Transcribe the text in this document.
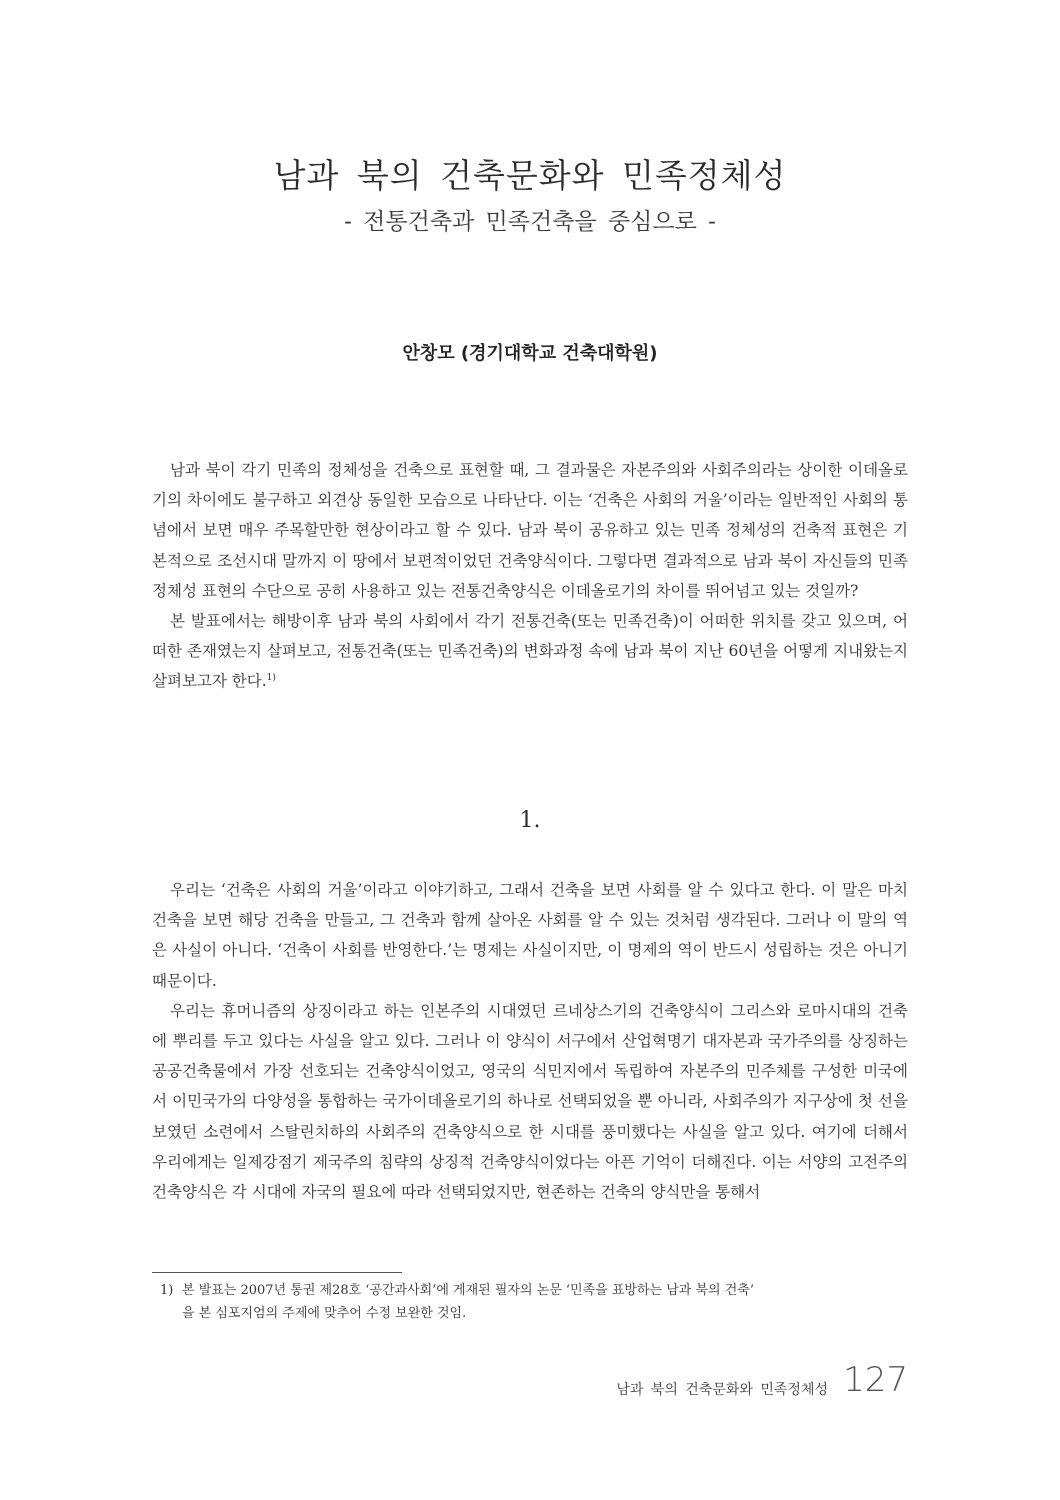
남과 북의 건축문화와 민족정체성
- 전통건축과 민족건축을 중심으로 -
안창모 (경기대학교 건축대학원)

남과 북이 각기 민족의 정체성을 건축으로 표현할 때, 그 결과물은 자본주의와 사회주의라는 상이한 이데올로기의 차이에도 불구하고 외견상 동일한 모습으로 나타난다. 이는 ‘건축은 사회의 거울’이라는 일반적인 사회의 통념에서 보면 매우 주목할만한 현상이라고 할 수 있다. 남과 북이 공유하고 있는 민족 정체성의 건축적 표현은 기본적으로 조선시대 말까지 이 땅에서 보편적이었던 건축양식이다. 그렇다면 결과적으로 남과 북이 자신들의 민족정체성 표현의 수단으로 공히 사용하고 있는 전통건축양식은 이데올로기의 차이를 뛰어넘고 있는 것일까?

본 발표에서는 해방이후 남과 북의 사회에서 각기 전통건축(또는 민족건축)이 어떠한 위치를 갖고 있으며, 어떠한 존재였는지 살펴보고, 전통건축(또는 민족건축)의 변화과정 속에 남과 북이 지난 60년을 어떻게 지내왔는지 살펴보고자 한다.$^{1)}$

1.

우리는 ‘건축은 사회의 거울’이라고 이야기하고, 그래서 건축을 보면 사회를 알 수 있다고 한다. 이 말은 마치 건축을 보면 해당 건축을 만들고, 그 건축과 함께 살아온 사회를 알 수 있는 것처럼 생각된다. 그러나 이 말의 역은 사실이 아니다. ‘건축이 사회를 반영한다.’는 명제는 사실이지만, 이 명제의 역이 반드시 성립하는 것은 아니기 때문이다.

우리는 휴머니즘의 상징이라고 하는 인본주의 시대였던 르네상스기의 건축양식이 그리스와 로마시대의 건축에 뿌리를 두고 있다는 사실을 알고 있다. 그러나 이 양식이 서구에서 산업혁명기 대자본과 국가주의를 상징하는 공공건축물에서 가장 선호되는 건축양식이었고, 영국의 식민지에서 독립하여 자본주의 민주체를 구성한 미국에서 이민국가의 다양성을 통합하는 국가이데올로기의 하나로 선택되었을 뿐 아니라, 사회주의가 지구상에 첫 선을 보였던 소련에서 스탈린치하의 사회주의 건축양식으로 한 시대를 풍미했다는 사실을 알고 있다. 여기에 더해서 우리에게는 일제강점기 제국주의 침략의 상징적 건축양식이었다는 아픈 기억이 더해진다. 이는 서양의 고전주의 건축양식은 각 시대에 자국의 필요에 따라 선택되었지만, 현존하는 건축의 양식만을 통해서

1) 본 발표는 2007년 통권 제28호 ‘공간과사회’에 게재된 필자의 논문 ‘민족을 표방하는 남과 북의 건축’
을 본 심포지엄의 주제에 맞추어 수정 보완한 것임.
남과 북의 건축문화와 민족정체성 127
